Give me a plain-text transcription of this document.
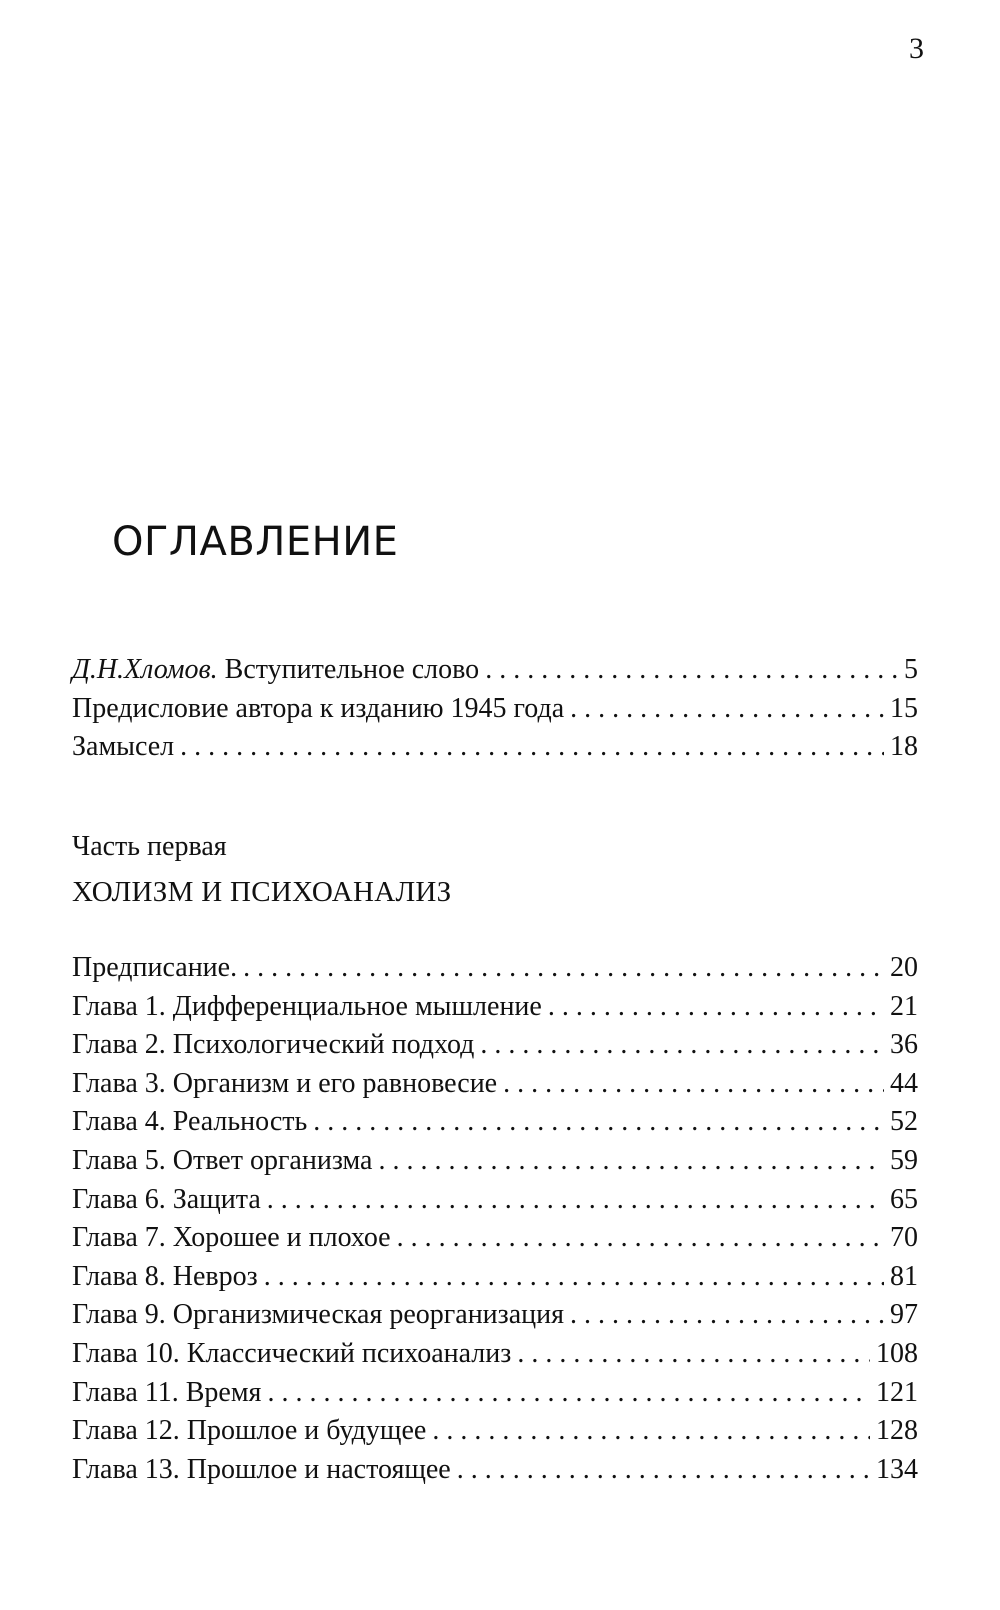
3
ОГЛАВЛЕНИЕ
Д.Н.Хломов. Вступительное слово . . .	5
Предисловие автора к изданию 1945 года . . .	15
Замысел . . .	18
Часть первая
ХОЛИЗМ И ПСИХОАНАЛИЗ
Предписание. . . .	20
Глава 1. Дифференциальное мышление . . .	21
Глава 2. Психологический подход . . .	36
Глава 3. Организм и его равновесие . . .	44
Глава 4. Реальность . . .	52
Глава 5. Ответ организма . . .	59
Глава 6. Защита . . .	65
Глава 7. Хорошее и плохое . . .	70
Глава 8. Невроз . . .	81
Глава 9. Организмическая реорганизация . . .	97
Глава 10. Классический психоанализ . . .	108
Глава 11. Время . . .	121
Глава 12. Прошлое и будущее . . .	128
Глава 13. Прошлое и настоящее . . .	134
